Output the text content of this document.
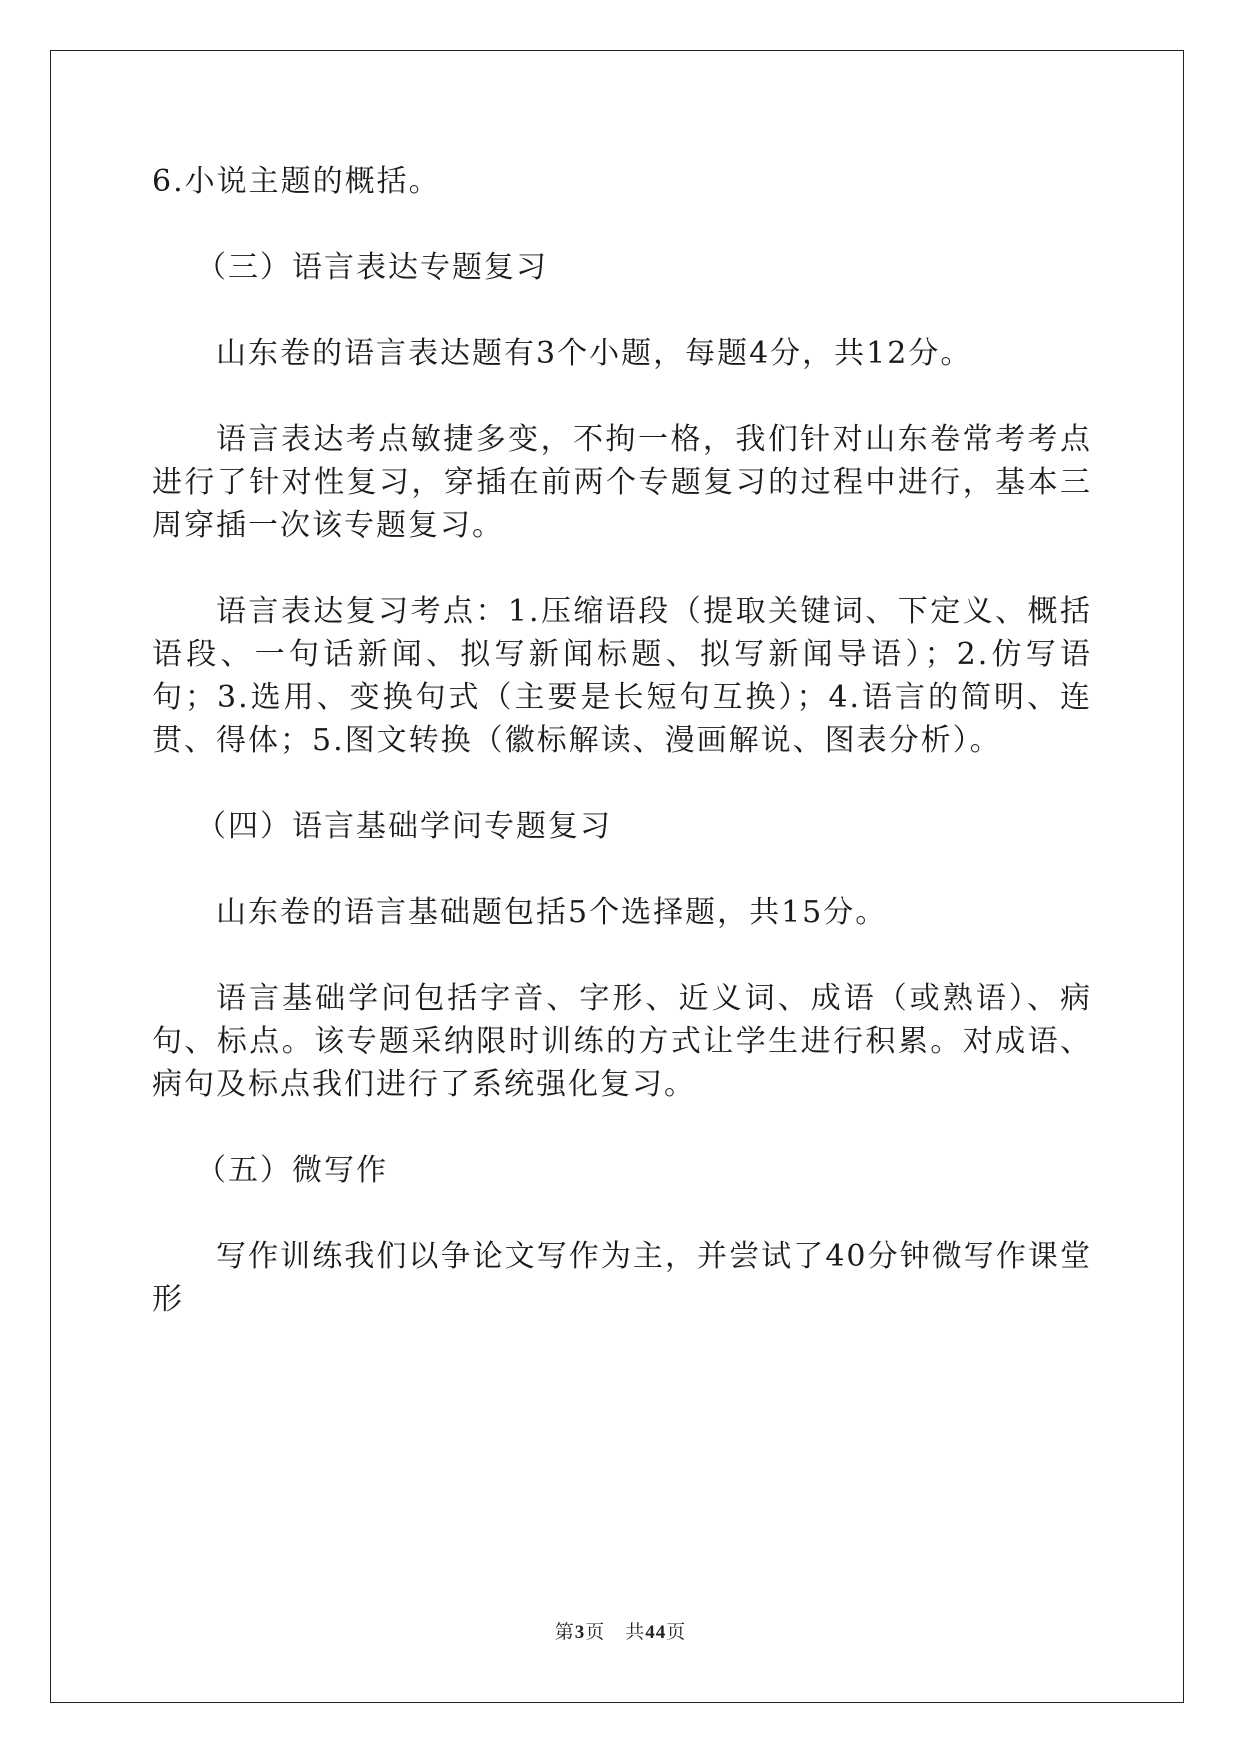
6.小说主题的概括。

（三）语言表达专题复习

山东卷的语言表达题有3个小题，每题4分，共12分。

语言表达考点敏捷多变，不拘一格，我们针对山东卷常考考点进行了针对性复习，穿插在前两个专题复习的过程中进行，基本三周穿插一次该专题复习。

语言表达复习考点：1.压缩语段（提取关键词、下定义、概括语段、一句话新闻、拟写新闻标题、拟写新闻导语）；2.仿写语句；3.选用、变换句式（主要是长短句互换）；4.语言的简明、连贯、得体；5.图文转换（徽标解读、漫画解说、图表分析）。

（四）语言基础学问专题复习

山东卷的语言基础题包括5个选择题，共15分。

语言基础学问包括字音、字形、近义词、成语（或熟语）、病句、标点。该专题采纳限时训练的方式让学生进行积累。对成语、病句及标点我们进行了系统强化复习。

（五）微写作

写作训练我们以争论文写作为主，并尝试了40分钟微写作课堂形

第3页　共44页
